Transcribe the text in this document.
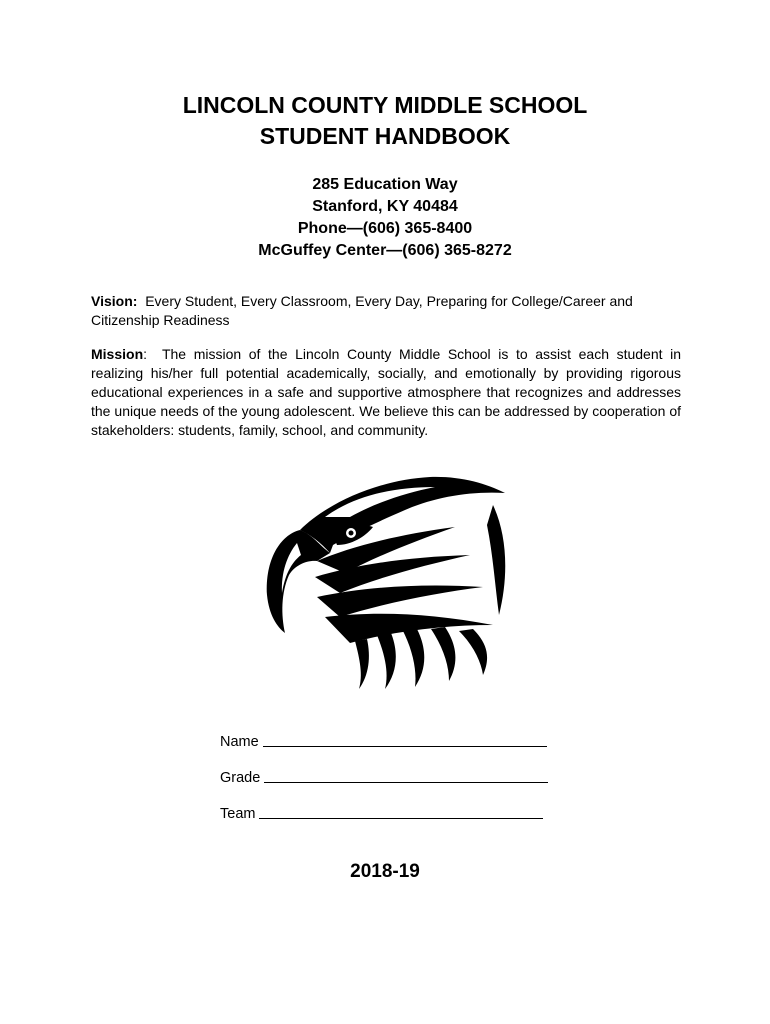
LINCOLN COUNTY MIDDLE SCHOOL
STUDENT HANDBOOK
285 Education Way
Stanford, KY 40484
Phone—(606) 365-8400
McGuffey Center—(606) 365-8272
Vision: Every Student, Every Classroom, Every Day, Preparing for College/Career and Citizenship Readiness
Mission:  The mission of the Lincoln County Middle School is to assist each student in realizing his/her full potential academically, socially, and emotionally by providing rigorous educational experiences in a safe and supportive atmosphere that recognizes and addresses the unique needs of the young adolescent. We believe this can be addressed by cooperation of stakeholders: students, family, school, and community.
Name
Grade
Team
2018-19
